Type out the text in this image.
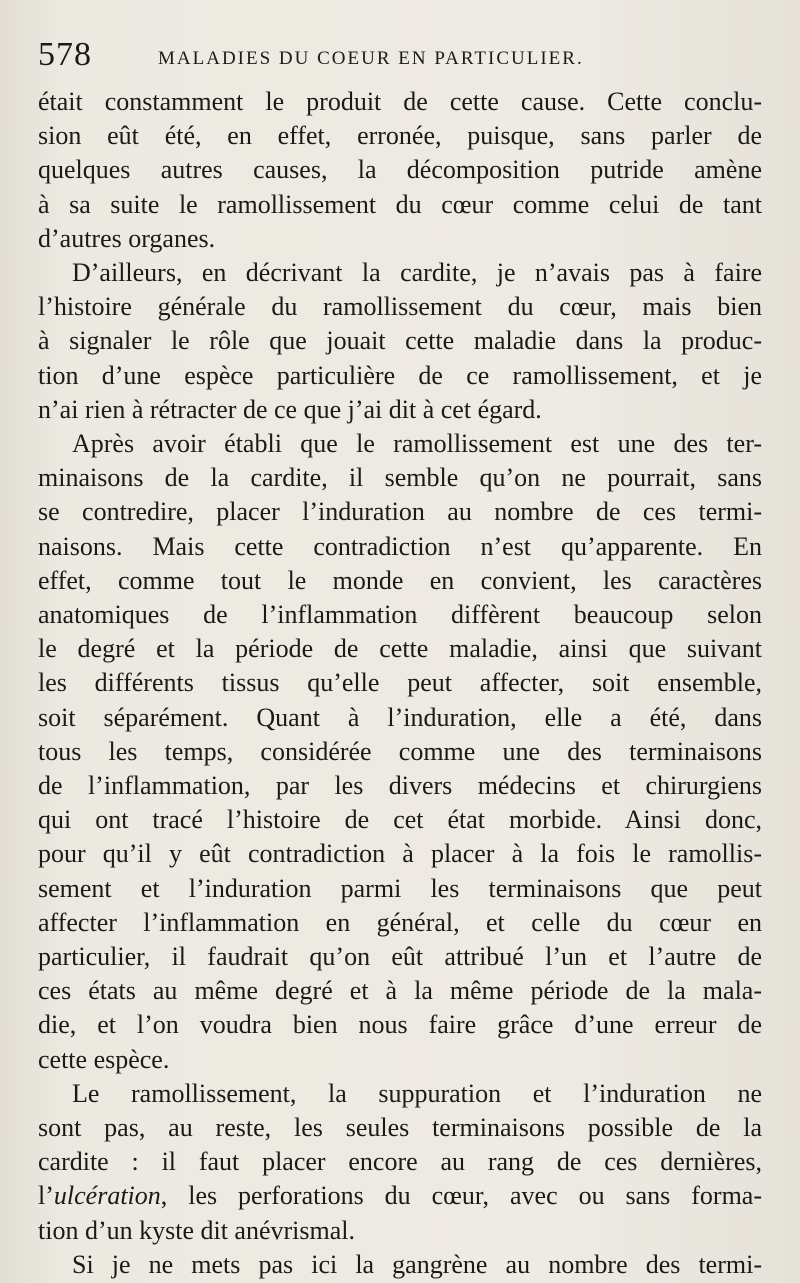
578	MALADIES DU COEUR EN PARTICULIER.
était constamment le produit de cette cause. Cette conclu-
sion eût été, en effet, erronée, puisque, sans parler de
quelques autres causes, la décomposition putride amène
à sa suite le ramollissement du cœur comme celui de tant
d’autres organes.
D’ailleurs, en décrivant la cardite, je n’avais pas à faire
l’histoire générale du ramollissement du cœur, mais bien
à signaler le rôle que jouait cette maladie dans la produc-
tion d’une espèce particulière de ce ramollissement, et je
n’ai rien à rétracter de ce que j’ai dit à cet égard.
Après avoir établi que le ramollissement est une des ter-
minaisons de la cardite, il semble qu’on ne pourrait, sans
se contredire, placer l’induration au nombre de ces termi-
naisons. Mais cette contradiction n’est qu’apparente. En
effet, comme tout le monde en convient, les caractères
anatomiques de l’inflammation diffèrent beaucoup selon
le degré et la période de cette maladie, ainsi que suivant
les différents tissus qu’elle peut affecter, soit ensemble,
soit séparément. Quant à l’induration, elle a été, dans
tous les temps, considérée comme une des terminaisons
de l’inflammation, par les divers médecins et chirurgiens
qui ont tracé l’histoire de cet état morbide. Ainsi donc,
pour qu’il y eût contradiction à placer à la fois le ramollis-
sement et l’induration parmi les terminaisons que peut
affecter l’inflammation en général, et celle du cœur en
particulier, il faudrait qu’on eût attribué l’un et l’autre de
ces états au même degré et à la même période de la mala-
die, et l’on voudra bien nous faire grâce d’une erreur de
cette espèce.
Le ramollissement, la suppuration et l’induration ne
sont pas, au reste, les seules terminaisons possible de la
cardite : il faut placer encore au rang de ces dernières,
l’ulcération, les perforations du cœur, avec ou sans forma-
tion d’un kyste dit anévrismal.
Si je ne mets pas ici la gangrène au nombre des termi-
